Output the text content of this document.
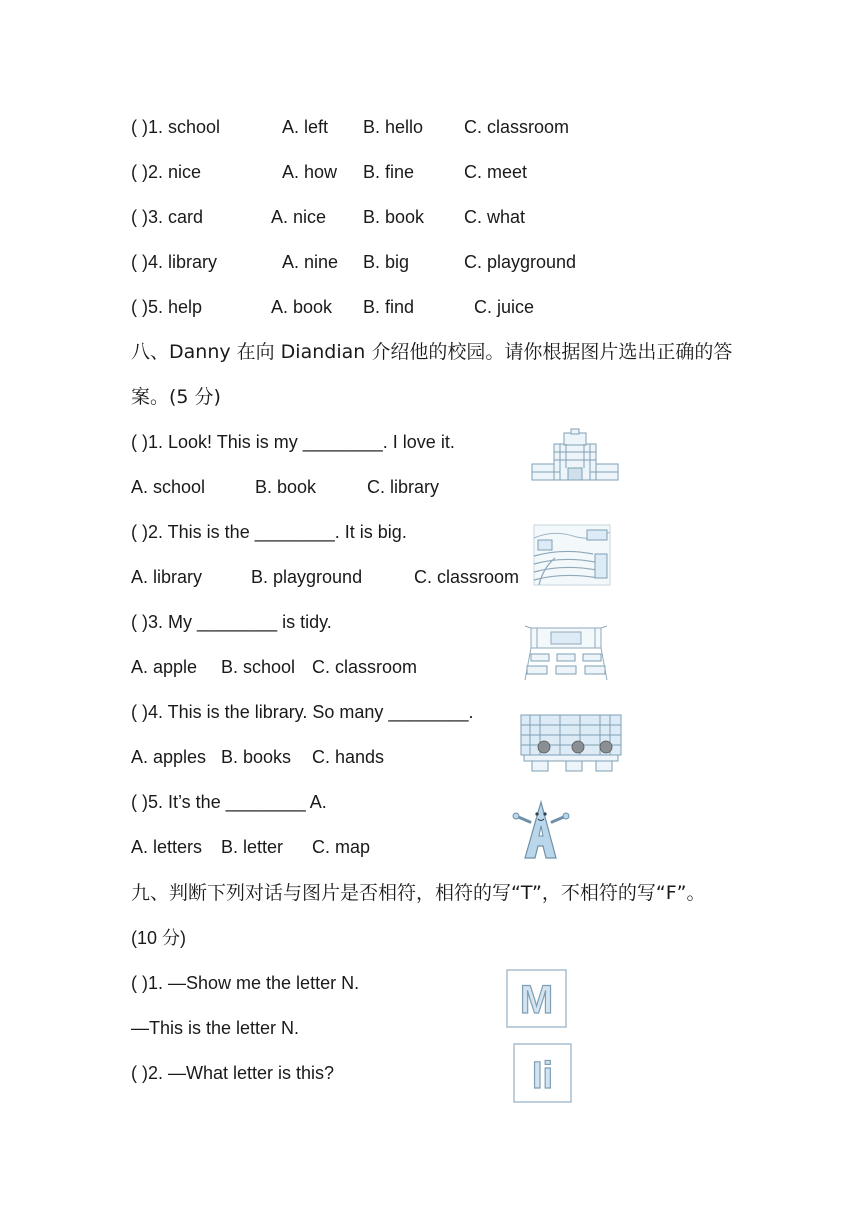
( )1. school	A. left B. hello C. classroom
( )2. nice	A. how B. fine	C. meet
( )3. card	A. nice B. book C. what
( )4. library	A. nine B. big	C. playground
( )5. help	A. book B. find	C. juice
八、Danny 在向 Diandian 介绍他的校园。请你根据图片选出正确的答
案。(5 分)
( )1. Look! This is my ________. I love it.
A. school	B. book	C. library
( )2. This is the ________. It is big.
A. library	B. playground	C. classroom
( )3. My ________ is tidy.
A. apple B. school C. classroom
( )4. This is the library. So many ________.
A. apples B. books C. hands
( )5. It’s the ________ A.
A. letters B. letter C. map
九、判断下列对话与图片是否相符，相符的写“T”，不相符的写“F”。
(10 分)
( )1. —Show me the letter N.
—This is the letter N.
( )2. —What letter is this?
M
Ii
